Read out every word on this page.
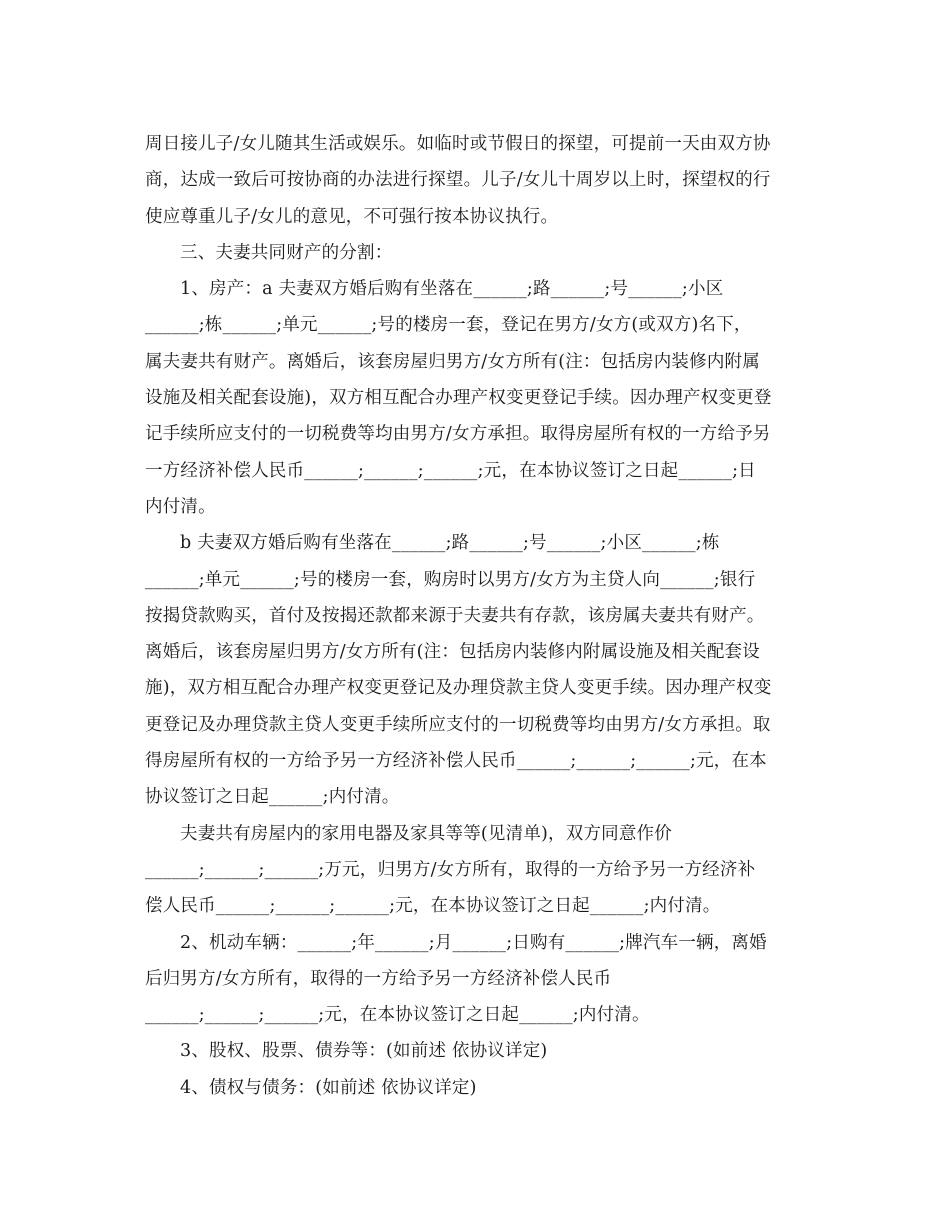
周日接儿子/女儿随其生活或娱乐。如临时或节假日的探望，可提前一天由双方协
商，达成一致后可按协商的办法进行探望。儿子/女儿十周岁以上时，探望权的行
使应尊重儿子/女儿的意见，不可强行按本协议执行。
三、夫妻共同财产的分割：
1、房产：a 夫妻双方婚后购有坐落在______;路______;号______;小区
______;栋______;单元______;号的楼房一套，登记在男方/女方(或双方)名下，
属夫妻共有财产。离婚后，该套房屋归男方/女方所有(注：包括房内装修内附属
设施及相关配套设施)，双方相互配合办理产权变更登记手续。因办理产权变更登
记手续所应支付的一切税费等均由男方/女方承担。取得房屋所有权的一方给予另
一方经济补偿人民币______;______;______;元，在本协议签订之日起______;日
内付清。
b 夫妻双方婚后购有坐落在______;路______;号______;小区______;栋
______;单元______;号的楼房一套，购房时以男方/女方为主贷人向______;银行
按揭贷款购买，首付及按揭还款都来源于夫妻共有存款，该房属夫妻共有财产。
离婚后，该套房屋归男方/女方所有(注：包括房内装修内附属设施及相关配套设
施)，双方相互配合办理产权变更登记及办理贷款主贷人变更手续。因办理产权变
更登记及办理贷款主贷人变更手续所应支付的一切税费等均由男方/女方承担。取
得房屋所有权的一方给予另一方经济补偿人民币______;______;______;元，在本
协议签订之日起______;内付清。
夫妻共有房屋内的家用电器及家具等等(见清单)，双方同意作价
______;______;______;万元，归男方/女方所有，取得的一方给予另一方经济补
偿人民币______;______;______;元，在本协议签订之日起______;内付清。
2、机动车辆：______;年______;月______;日购有______;牌汽车一辆，离婚
后归男方/女方所有，取得的一方给予另一方经济补偿人民币
______;______;______;元，在本协议签订之日起______;内付清。
3、股权、股票、债券等：(如前述 依协议详定)
4、债权与债务：(如前述 依协议详定)
